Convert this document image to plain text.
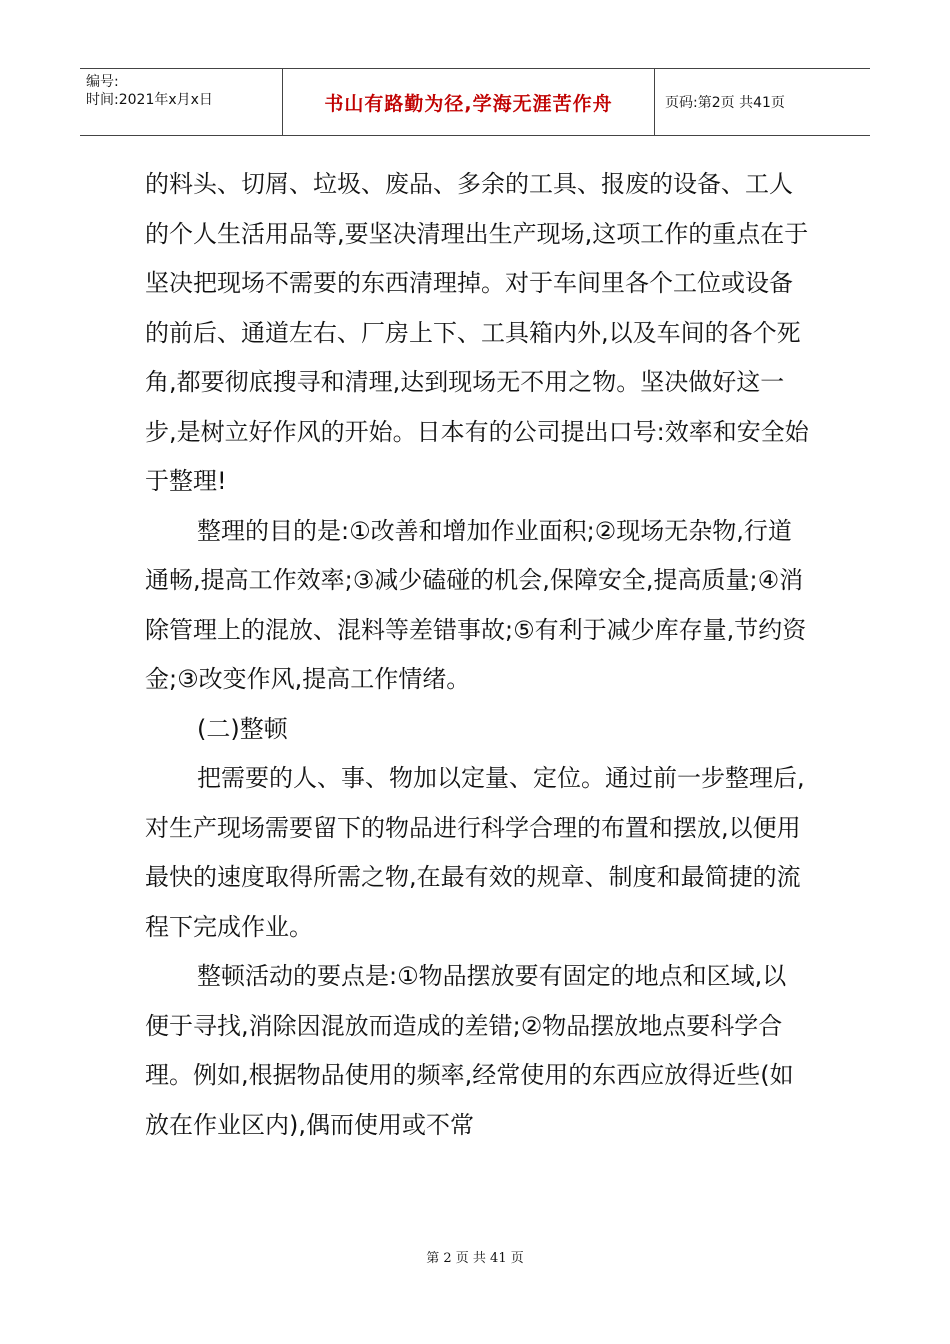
编号:
时间:2021年x月x日	书山有路勤为径,学海无涯苦作舟	页码:第2页 共41页

的料头、切屑、垃圾、废品、多余的工具、报废的设备、工人的个人生活用品等,要坚决清理出生产现场,这项工作的重点在于坚决把现场不需要的东西清理掉。对于车间里各个工位或设备的前后、通道左右、厂房上下、工具箱内外,以及车间的各个死角,都要彻底搜寻和清理,达到现场无不用之物。坚决做好这一步,是树立好作风的开始。日本有的公司提出口号:效率和安全始于整理!

整理的目的是:①改善和增加作业面积;②现场无杂物,行道通畅,提高工作效率;③减少磕碰的机会,保障安全,提高质量;④消除管理上的混放、混料等差错事故;⑤有利于减少库存量,节约资金;③改变作风,提高工作情绪。

(二)整顿

把需要的人、事、物加以定量、定位。通过前一步整理后,对生产现场需要留下的物品进行科学合理的布置和摆放,以便用最快的速度取得所需之物,在最有效的规章、制度和最简捷的流程下完成作业。

整顿活动的要点是:①物品摆放要有固定的地点和区域,以便于寻找,消除因混放而造成的差错;②物品摆放地点要科学合理。例如,根据物品使用的频率,经常使用的东西应放得近些(如放在作业区内),偶而使用或不常

第 2 页 共 41 页
